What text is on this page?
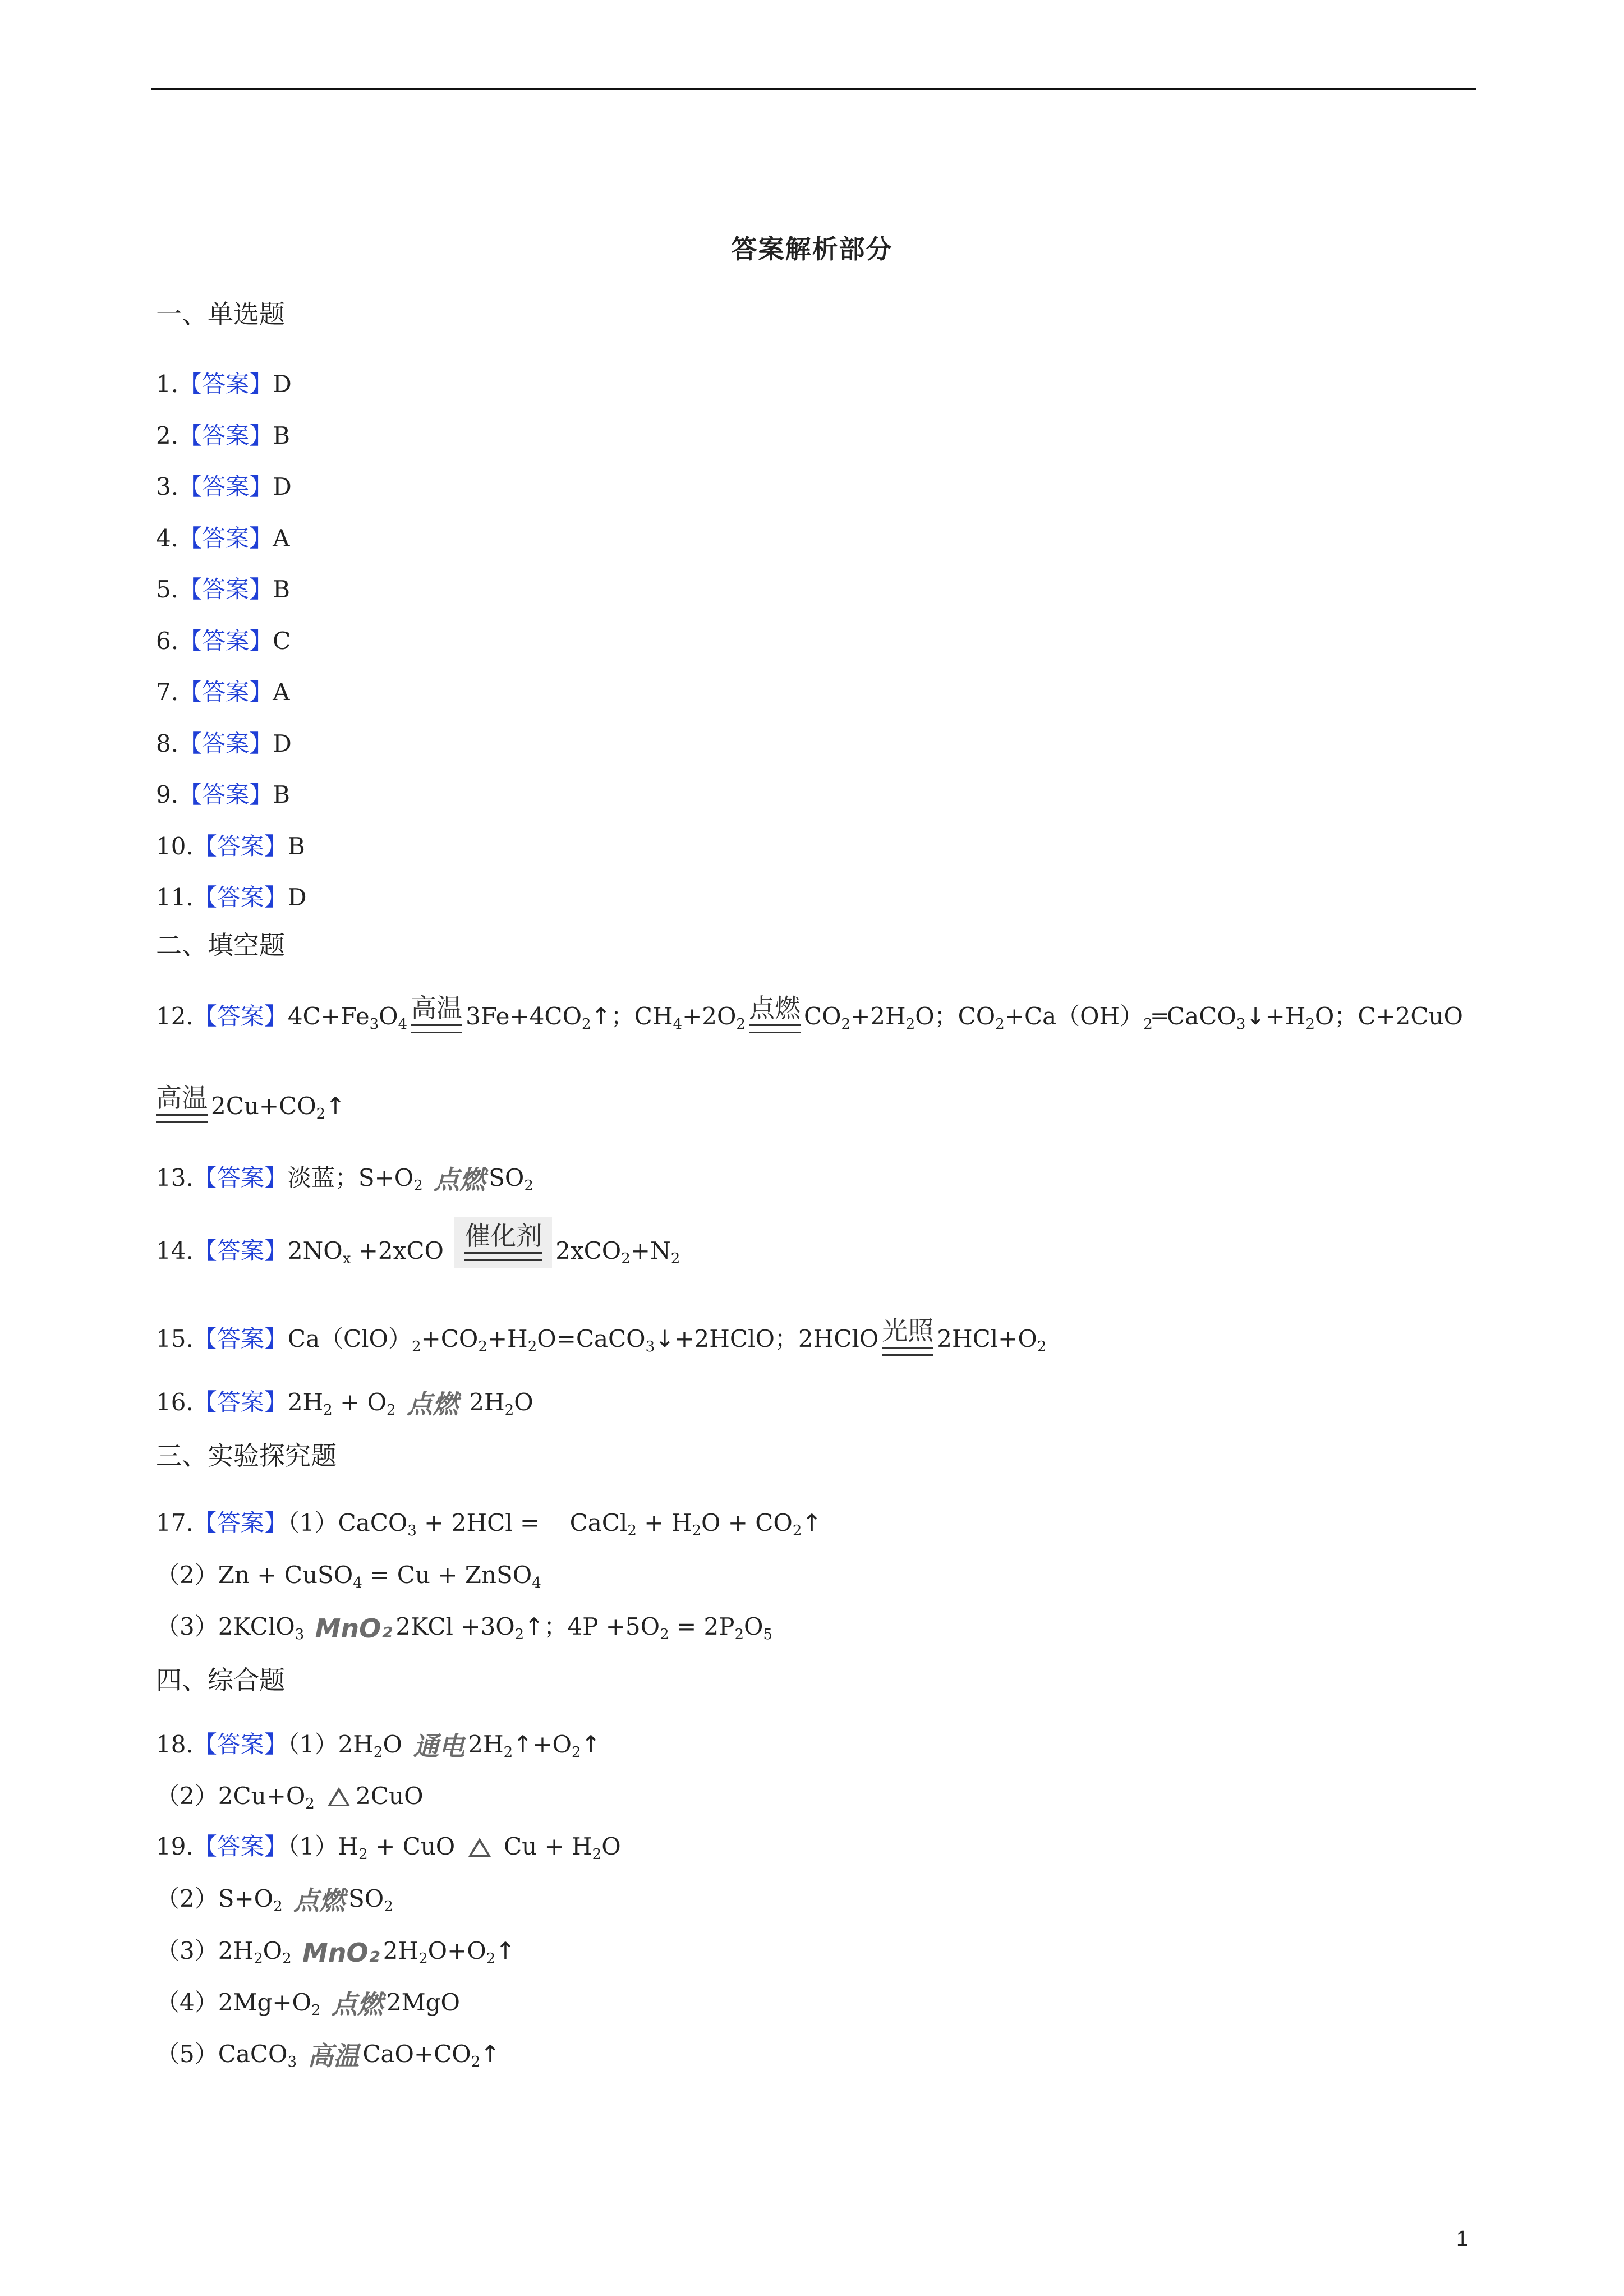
答案解析部分
一、单选题
1.【答案】D
2.【答案】B
3.【答案】D
4.【答案】A
5.【答案】B
6.【答案】C
7.【答案】A
8.【答案】D
9.【答案】B
10.【答案】B
11.【答案】D
二、填空题
12.【答案】$4C+Fe_3O_4$
高温 $3Fe+4CO_2↑$；$CH_4+2O_2$
点燃 $CO_2+2H_2O$；$CO_2+Ca(OH)_2═CaCO_3↓+H_2O$；C+2CuO
高温 $2Cu+CO_2↑$
13.【答案】淡蓝；$S+O_2$ 点燃 $SO_2$
14.【答案】$2NO_x +2xCO$ 催化剂 $2xCO_2+N_2$
15.【答案】$Ca(ClO)_2+CO_2+H_2O=CaCO_3↓+2HClO$；2HClO 光照 $2HCl+O_2$
16.【答案】$2H_2 + O_2$ 点燃 $2H_2O$
三、实验探究题
17.【答案】（1）CaCO$_3$ + 2HCl =    CaCl$_2$ + $H_2O$ + $CO_2↑$
（2）Zn + CuSO$_4$ = Cu + ZnSO$_4$
（3）2KClO$_3$ MnO₂ $2KCl +3O_2↑$；$4P +5O_2 = 2P_2O_5$
四、综合题
18.【答案】$(1)2H_2O$ 通电 $2H_2↑+O_2↑$
$(2)2Cu+O_2$ 2CuO
19.【答案】$(1)H_2$ + CuO  $Cu + H_2O$
$(2)S+O_2$ 点燃 $SO_2$
$(3)2H_2O_2$ MnO₂ $2H_2O+O_2↑$
$(4)2Mg+O_2$ 点燃 2MgO
（5）CaCO$_3$ 高温 $CaO+CO_2↑$
1
